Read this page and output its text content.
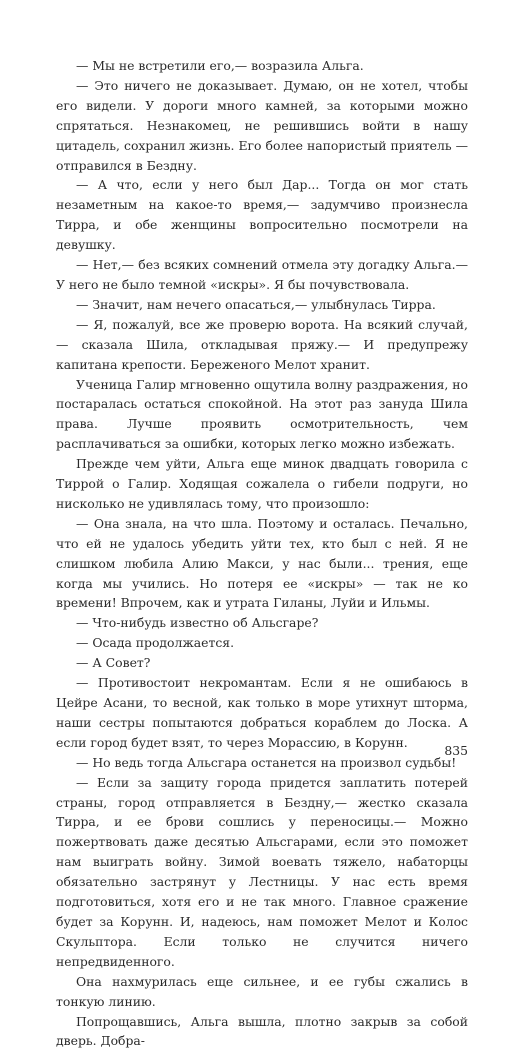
— Мы не встретили его,— возразила Альга.

— Это ничего не доказывает. Думаю, он не хотел, чтобы его видели. У дороги много камней, за которыми можно спрятаться. Незнакомец, не решившись войти в нашу цитадель, сохранил жизнь. Его более напористый приятель — отправился в Бездну.

— А что, если у него был Дар... Тогда он мог стать незаметным на какое-то время,— задумчиво произнесла Тирра, и обе женщины вопросительно посмотрели на девушку.

— Нет,— без всяких сомнений отмела эту догадку Альга.— У него не было темной «искры». Я бы почувствовала.

— Значит, нам нечего опасаться,— улыбнулась Тирра.

— Я, пожалуй, все же проверю ворота. На всякий случай,— сказала Шила, откладывая пряжу.— И предупрежу капитана крепости. Береженого Мелот хранит.

Ученица Галир мгновенно ощутила волну раздражения, но постаралась остаться спокойной. На этот раз зануда Шила права. Лучше проявить осмотрительность, чем расплачиваться за ошибки, которых легко можно избежать.

Прежде чем уйти, Альга еще минок двадцать говорила с Тиррой о Галир. Ходящая сожалела о гибели подруги, но нисколько не удивлялась тому, что произошло:

— Она знала, на что шла. Поэтому и осталась. Печально, что ей не удалось убедить уйти тех, кто был с ней. Я не слишком любила Алию Макси, у нас были... трения, еще когда мы учились. Но потеря ее «искры» — так не ко времени! Впрочем, как и утрата Гиланы, Луйи и Ильмы.

— Что-нибудь известно об Альсгаре?

— Осада продолжается.

— А Совет?

— Противостоит некромантам. Если я не ошибаюсь в Цейре Асани, то весной, как только в море утихнут шторма, наши сестры попытаются добраться кораблем до Лоска. А если город будет взят, то через Морассию, в Корунн.

— Но ведь тогда Альсгара останется на произвол судьбы!

— Если за защиту города придется заплатить потерей страны, город отправляется в Бездну,— жестко сказала Тирра, и ее брови сошлись у переносицы.— Можно пожертвовать даже десятью Альсгарами, если это поможет нам выиграть войну. Зимой воевать тяжело, набаторцы обязательно застрянут у Лестницы. У нас есть время подготовиться, хотя его и не так много. Главное сражение будет за Корунн. И, надеюсь, нам поможет Мелот и Колос Скульптора. Если только не случится ничего непредвиденного.

Она нахмурилась еще сильнее, и ее губы сжались в тонкую линию.

Попрощавшись, Альга вышла, плотно закрыв за собой дверь. Добра-

835
